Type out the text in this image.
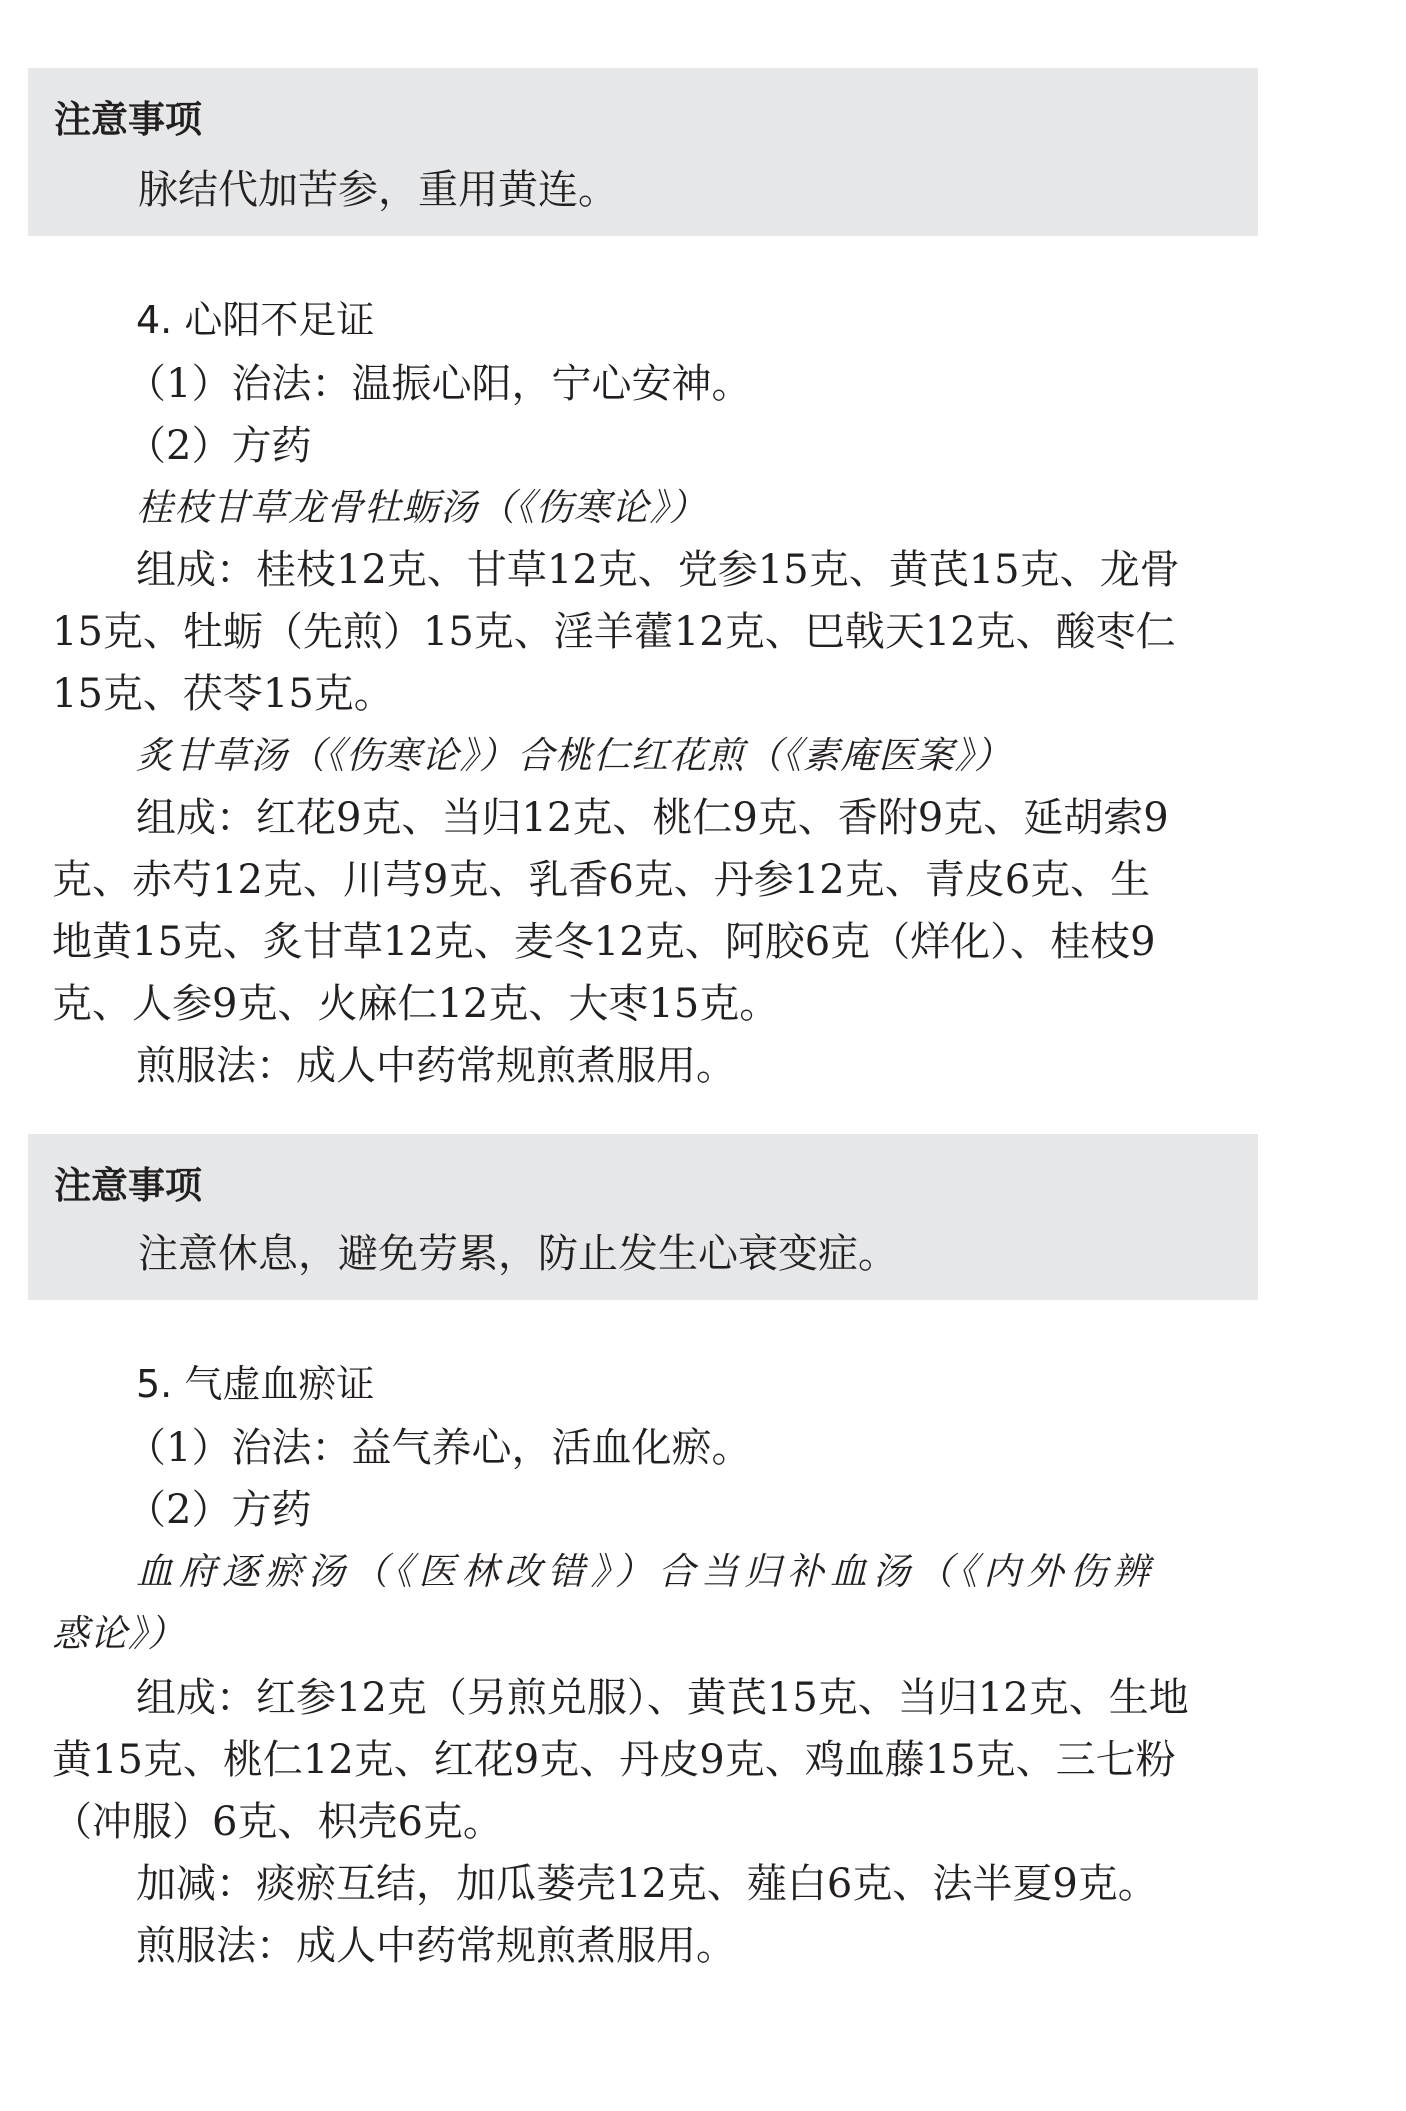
注意事项
脉结代加苦参，重用黄连。
4. 心阳不足证
（1）治法：温振心阳，宁心安神。
（2）方药
桂枝甘草龙骨牡蛎汤（《伤寒论》）
组成：桂枝12克、甘草12克、党参15克、黄芪15克、龙骨
15克、牡蛎（先煎）15克、淫羊藿12克、巴戟天12克、酸枣仁
15克、茯苓15克。
炙甘草汤（《伤寒论》）合桃仁红花煎（《素庵医案》）
组成：红花9克、当归12克、桃仁9克、香附9克、延胡索9
克、赤芍12克、川芎9克、乳香6克、丹参12克、青皮6克、生
地黄15克、炙甘草12克、麦冬12克、阿胶6克（烊化）、桂枝9
克、人参9克、火麻仁12克、大枣15克。
煎服法：成人中药常规煎煮服用。
注意事项
注意休息，避免劳累，防止发生心衰变症。
5. 气虚血瘀证
（1）治法：益气养心，活血化瘀。
（2）方药
血府逐瘀汤（《医林改错》）合当归补血汤（《内外伤辨
惑论》）
组成：红参12克（另煎兑服）、黄芪15克、当归12克、生地
黄15克、桃仁12克、红花9克、丹皮9克、鸡血藤15克、三七粉
（冲服）6克、枳壳6克。
加减：痰瘀互结，加瓜蒌壳12克、薤白6克、法半夏9克。
煎服法：成人中药常规煎煮服用。
